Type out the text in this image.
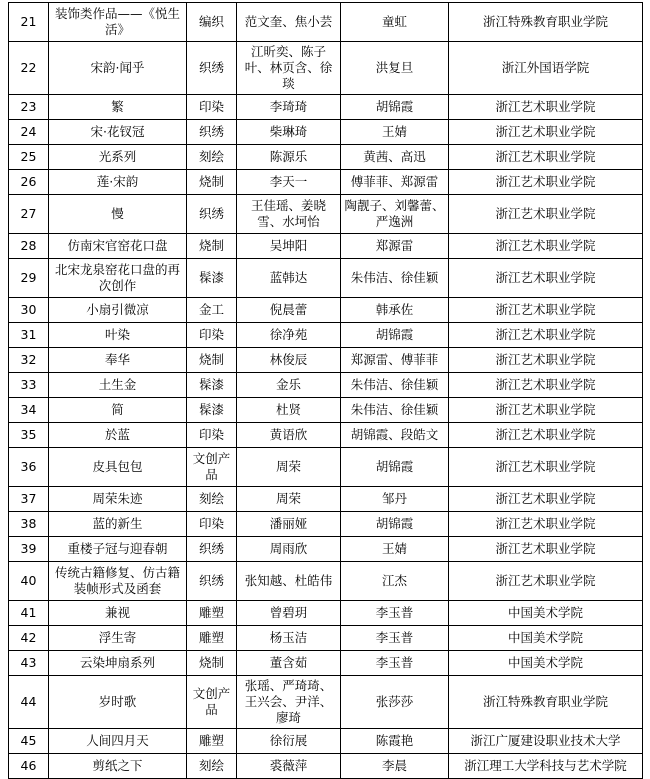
21	装饰类作品——《悦生活》	编织	范文奎、焦小芸	童虹	浙江特殊教育职业学院
22	宋韵·闻乎	织绣	江昕奕、陈子叶、林页含、徐琰	洪复旦	浙江外国语学院
23	繁	印染	李琦琦	胡锦霞	浙江艺术职业学院
24	宋·花钗冠	织绣	柴琳琦	王婧	浙江艺术职业学院
25	光系列	刻绘	陈源乐	黄茜、高迅	浙江艺术职业学院
26	莲·宋韵	烧制	李天一	傅菲菲、郑源雷	浙江艺术职业学院
27	慢	织绣	王佳瑶、姜晓雪、水坷怡	陶靓子、刘馨蕾、严逸洲	浙江艺术职业学院
28	仿南宋官窑花口盘	烧制	吴坤阳	郑源雷	浙江艺术职业学院
29	北宋龙泉窑花口盘的再次创作	髹漆	蓝韩达	朱伟洁、徐佳颖	浙江艺术职业学院
30	小扇引微凉	金工	倪晨蕾	韩承佐	浙江艺术职业学院
31	叶染	印染	徐净苑	胡锦霞	浙江艺术职业学院
32	奉华	烧制	林俊辰	郑源雷、傅菲菲	浙江艺术职业学院
33	土生金	髹漆	金乐	朱伟洁、徐佳颖	浙江艺术职业学院
34	简	髹漆	杜贤	朱伟洁、徐佳颖	浙江艺术职业学院
35	於蓝	印染	黄语欣	胡锦霞、段皓文	浙江艺术职业学院
36	皮具包包	文创产品	周荣	胡锦霞	浙江艺术职业学院
37	周荣朱迹	刻绘	周荣	邹丹	浙江艺术职业学院
38	蓝的新生	印染	潘丽娅	胡锦霞	浙江艺术职业学院
39	重楼子冠与迎春朝	织绣	周雨欣	王婧	浙江艺术职业学院
40	传统古籍修复、仿古籍装帧形式及函套	织绣	张知越、杜皓伟	江杰	浙江艺术职业学院
41	兼视	雕塑	曾碧玥	李玉普	中国美术学院
42	浮生寄	雕塑	杨玉洁	李玉普	中国美术学院
43	云染坤扇系列	烧制	董含茹	李玉普	中国美术学院
44	岁时歌	文创产品	张瑶、严琦琦、王兴会、尹洋、廖琦	张莎莎	浙江特殊教育职业学院
45	人间四月天	雕塑	徐衍展	陈霞艳	浙江广厦建设职业技术大学
46	剪纸之下	刻绘	裘薇萍	李晨	浙江理工大学科技与艺术学院
